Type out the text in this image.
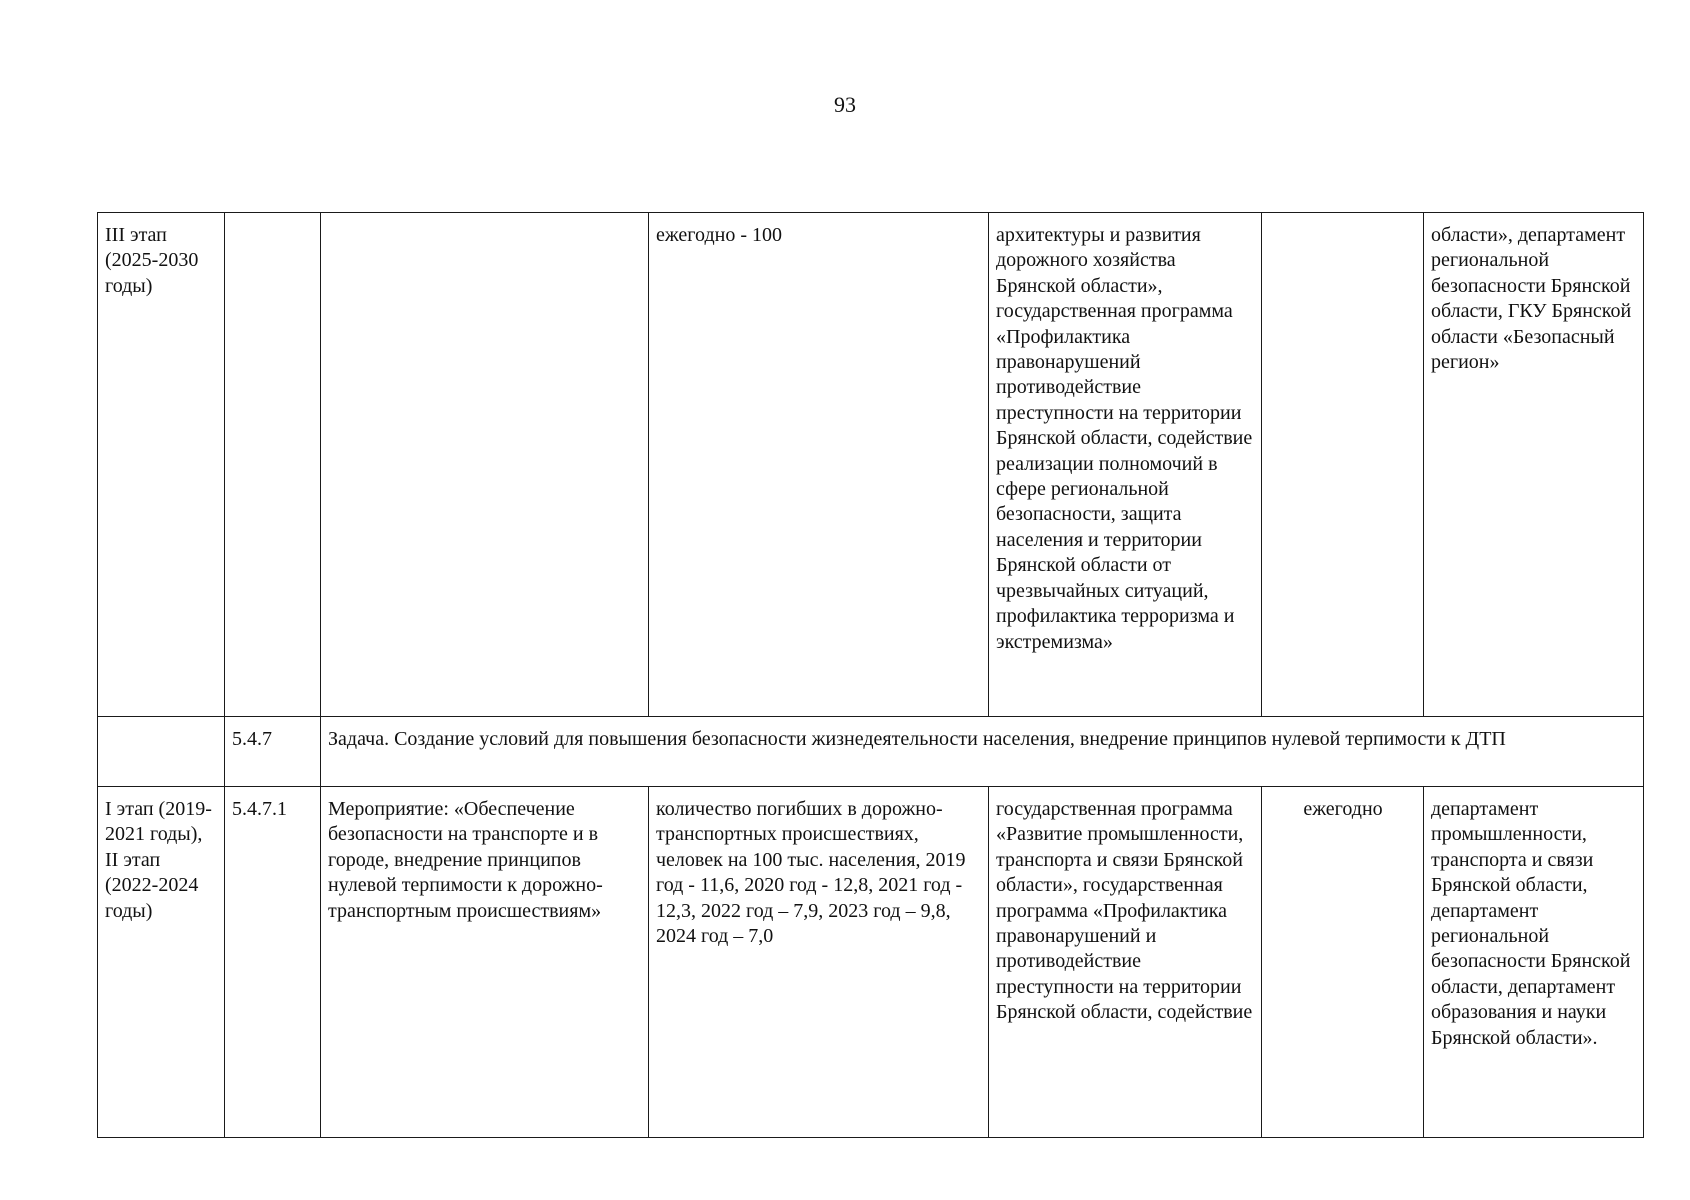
93
III этап (2025-2030 годы)			ежегодно - 100	архитектуры и развития дорожного хозяйства Брянской области», государственная программа «Профилактика правонарушений противодействие преступности на территории Брянской области, содействие реализации полномочий в сфере региональной безопасности, защита населения и территории Брянской области от чрезвычайных ситуаций, профилактика терроризма и экстремизма»		области», департамент региональной безопасности Брянской области, ГКУ Брянской области «Безопасный регион»
	5.4.7	Задача. Создание условий для повышения безопасности жизнедеятельности населения, внедрение принципов нулевой терпимости к ДТП				
I этап (2019-2021 годы), II этап (2022-2024 годы)	5.4.7.1	Мероприятие: «Обеспечение безопасности на транспорте и в городе, внедрение принципов нулевой терпимости к дорожно- транспортным происшествиям»	количество погибших в дорожно- транспортных происшествиях, человек на 100 тыс. населения, 2019 год - 11,6, 2020 год - 12,8, 2021 год - 12,3, 2022 год – 7,9, 2023 год – 9,8, 2024 год – 7,0	государственная программа «Развитие промышленности, транспорта и связи Брянской области», государственная программа «Профилактика правонарушений и противодействие преступности на территории Брянской области, содействие	ежегодно	департамент промышленности, транспорта и связи Брянской области, департамент региональной безопасности Брянской области, департамент образования и науки Брянской области».
